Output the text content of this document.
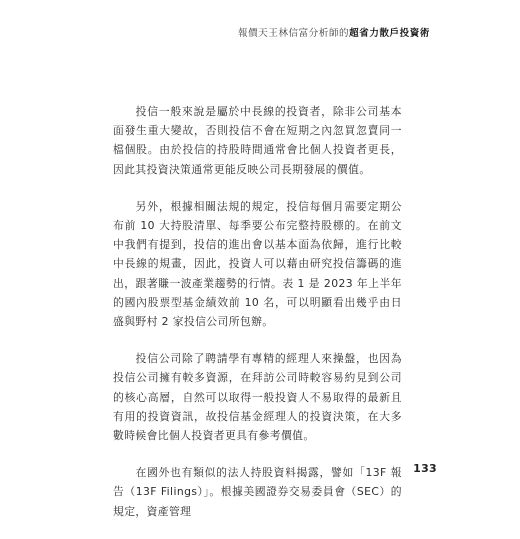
報價天王林信富分析師的 超省力散戶投資術

投信一般來說是屬於中長線的投資者，除非公司基本面發生重大變故，否則投信不會在短期之內忽買忽賣同一檔個股。由於投信的持股時間通常會比個人投資者更長，因此其投資決策通常更能反映公司長期發展的價值。

另外，根據相關法規的規定，投信每個月需要定期公布前 10 大持股清單、每季要公布完整持股標的。在前文中我們有提到，投信的進出會以基本面為依歸，進行比較中長線的規畫，因此，投資人可以藉由研究投信籌碼的進出，跟著賺一波產業趨勢的行情。表 1 是 2023 年上半年的國內股票型基金績效前 10 名，可以明顯看出幾乎由日盛與野村 2 家投信公司所包辦。

投信公司除了聘請學有專精的經理人來操盤，也因為投信公司擁有較多資源，在拜訪公司時較容易約見到公司的核心高層，自然可以取得一般投資人不易取得的最新且有用的投資資訊，故投信基金經理人的投資決策，在大多數時候會比個人投資者更具有參考價值。

在國外也有類似的法人持股資料揭露，譬如「13F 報告（13F Filings）」。根據美國證券交易委員會（SEC）的規定，資產管理

133
